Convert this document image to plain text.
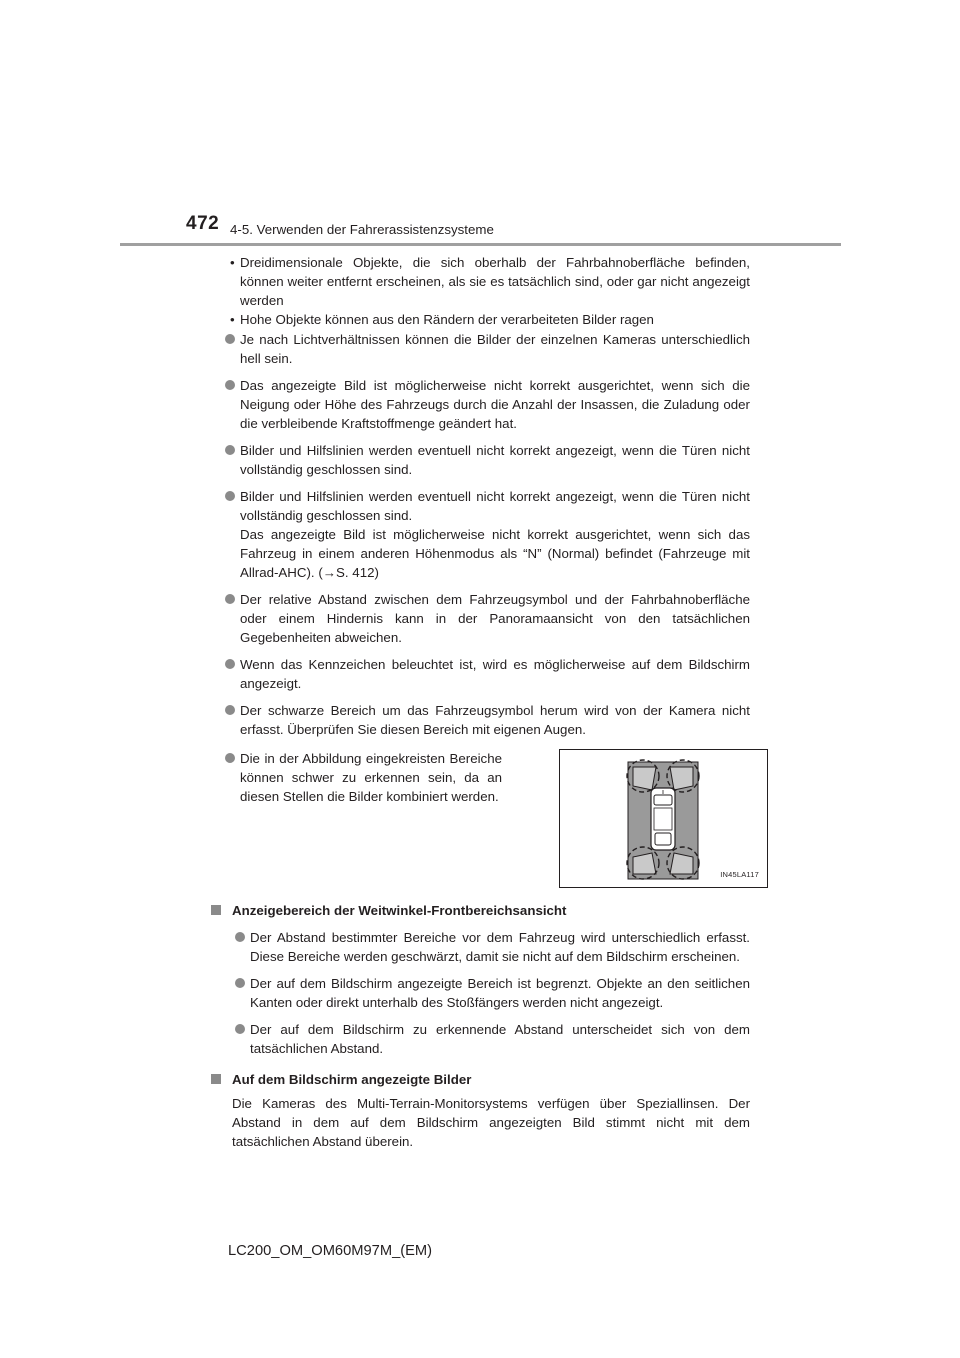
472 4-5. Verwenden der Fahrerassistenzsysteme
• Dreidimensionale Objekte, die sich oberhalb der Fahrbahnoberfläche befinden, können weiter entfernt erscheinen, als sie es tatsächlich sind, oder gar nicht angezeigt werden
• Hohe Objekte können aus den Rändern der verarbeiteten Bilder ragen
Je nach Lichtverhältnissen können die Bilder der einzelnen Kameras unterschiedlich hell sein.
Das angezeigte Bild ist möglicherweise nicht korrekt ausgerichtet, wenn sich die Neigung oder Höhe des Fahrzeugs durch die Anzahl der Insassen, die Zuladung oder die verbleibende Kraftstoffmenge geändert hat.
Bilder und Hilfslinien werden eventuell nicht korrekt angezeigt, wenn die Türen nicht vollständig geschlossen sind.
Bilder und Hilfslinien werden eventuell nicht korrekt angezeigt, wenn die Türen nicht vollständig geschlossen sind.
Das angezeigte Bild ist möglicherweise nicht korrekt ausgerichtet, wenn sich das Fahrzeug in einem anderen Höhenmodus als “N” (Normal) befindet (Fahrzeuge mit Allrad-AHC). (→S. 412)
Der relative Abstand zwischen dem Fahrzeugsymbol und der Fahrbahnoberfläche oder einem Hindernis kann in der Panoramaansicht von den tatsächlichen Gegebenheiten abweichen.
Wenn das Kennzeichen beleuchtet ist, wird es möglicherweise auf dem Bildschirm angezeigt.
Der schwarze Bereich um das Fahrzeugsymbol herum wird von der Kamera nicht erfasst. Überprüfen Sie diesen Bereich mit eigenen Augen.
Die in der Abbildung eingekreisten Bereiche können schwer zu erkennen sein, da an diesen Stellen die Bilder kombiniert werden.
IN45LA117
Anzeigebereich der Weitwinkel-Frontbereichsansicht
Der Abstand bestimmter Bereiche vor dem Fahrzeug wird unterschiedlich erfasst. Diese Bereiche werden geschwärzt, damit sie nicht auf dem Bildschirm erscheinen.
Der auf dem Bildschirm angezeigte Bereich ist begrenzt. Objekte an den seitlichen Kanten oder direkt unterhalb des Stoßfängers werden nicht angezeigt.
Der auf dem Bildschirm zu erkennende Abstand unterscheidet sich von dem tatsächlichen Abstand.
Auf dem Bildschirm angezeigte Bilder
Die Kameras des Multi-Terrain-Monitorsystems verfügen über Speziallinsen. Der Abstand in dem auf dem Bildschirm angezeigten Bild stimmt nicht mit dem tatsächlichen Abstand überein.
LC200_OM_OM60M97M_(EM)
